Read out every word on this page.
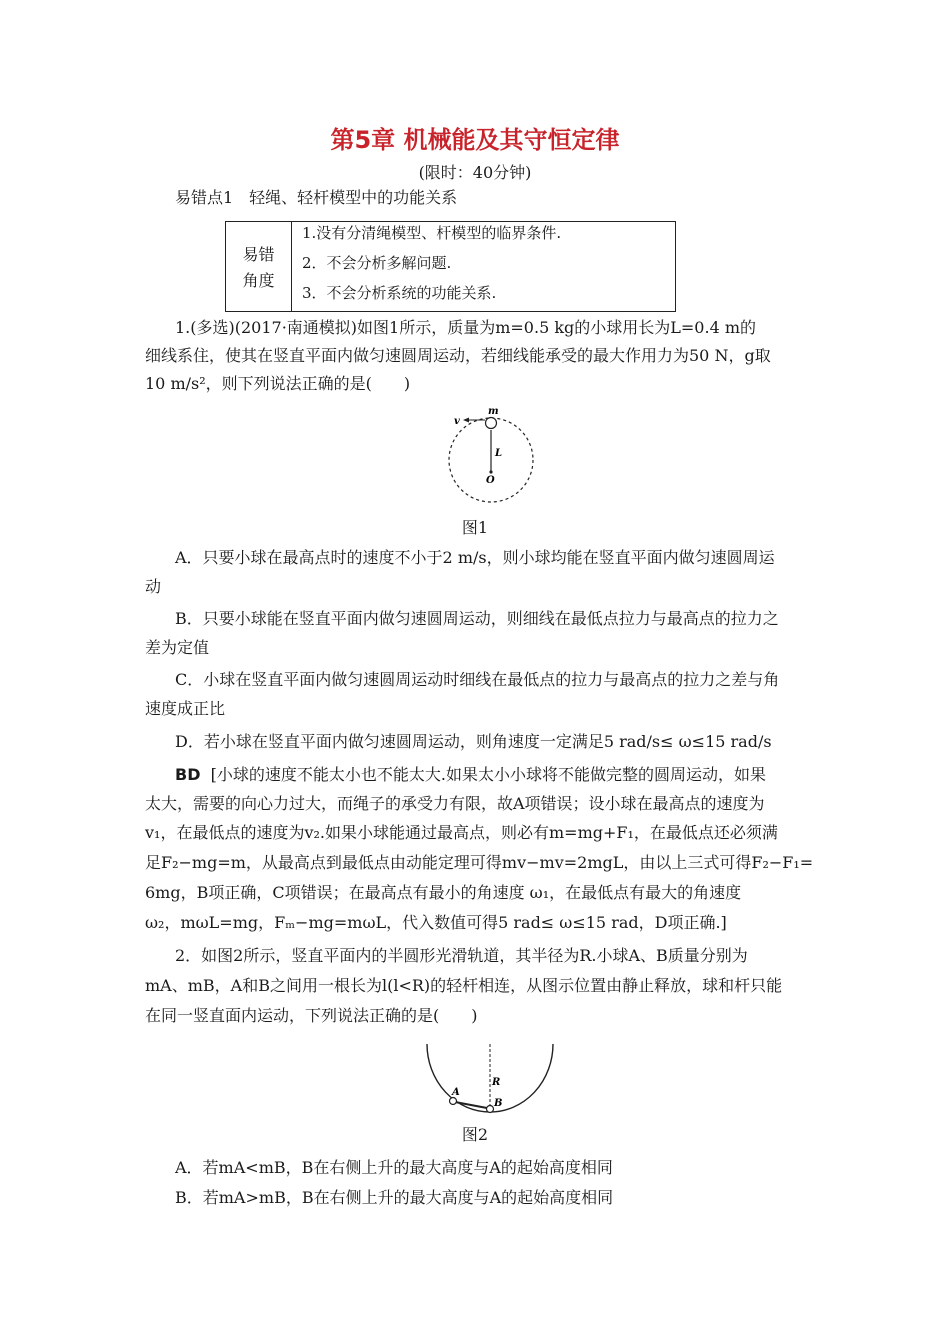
第5章 机械能及其守恒定律
(限时：40分钟)
易错点1　轻绳、轻杆模型中的功能关系
易错
角度
1.没有分清绳模型、杆模型的临界条件.
2．不会分析多解问题.
3．不会分析系统的功能关系.
1.(多选)(2017·南通模拟)如图1所示，质量为m=0.5 kg的小球用长为L=0.4 m的
细线系住，使其在竖直平面内做匀速圆周运动，若细线能承受的最大作用力为50 N，g取
10 m/s²，则下列说法正确的是(　　)
v
m
L
O
图1
A．只要小球在最高点时的速度不小于2 m/s，则小球均能在竖直平面内做匀速圆周运
动
B．只要小球能在竖直平面内做匀速圆周运动，则细线在最低点拉力与最高点的拉力之
差为定值
C．小球在竖直平面内做匀速圆周运动时细线在最低点的拉力与最高点的拉力之差与角
速度成正比
D．若小球在竖直平面内做匀速圆周运动，则角速度一定满足5 rad/s≤ ω≤15 rad/s
BD [小球的速度不能太小也不能太大.如果太小小球将不能做完整的圆周运动，如果
太大，需要的向心力过大，而绳子的承受力有限，故A项错误；设小球在最高点的速度为
v₁，在最低点的速度为v₂.如果小球能通过最高点，则必有m=mg+F₁，在最低点还必须满
足F₂−mg=m，从最高点到最低点由动能定理可得mv−mv=2mgL，由以上三式可得F₂−F₁=
6mg，B项正确，C项错误；在最高点有最小的角速度 ω₁，在最低点有最大的角速度
ω₂，mωL=mg，Fₘ−mg=mωL，代入数值可得5 rad≤ ω≤15 rad，D项正确.]
2．如图2所示，竖直平面内的半圆形光滑轨道，其半径为R.小球A、B质量分别为
mA、mB，A和B之间用一根长为l(l<R)的轻杆相连，从图示位置由静止释放，球和杆只能
在同一竖直面内运动，下列说法正确的是(　　)
A
B
R
图2
A．若mA<mB，B在右侧上升的最大高度与A的起始高度相同
B．若mA>mB，B在右侧上升的最大高度与A的起始高度相同
